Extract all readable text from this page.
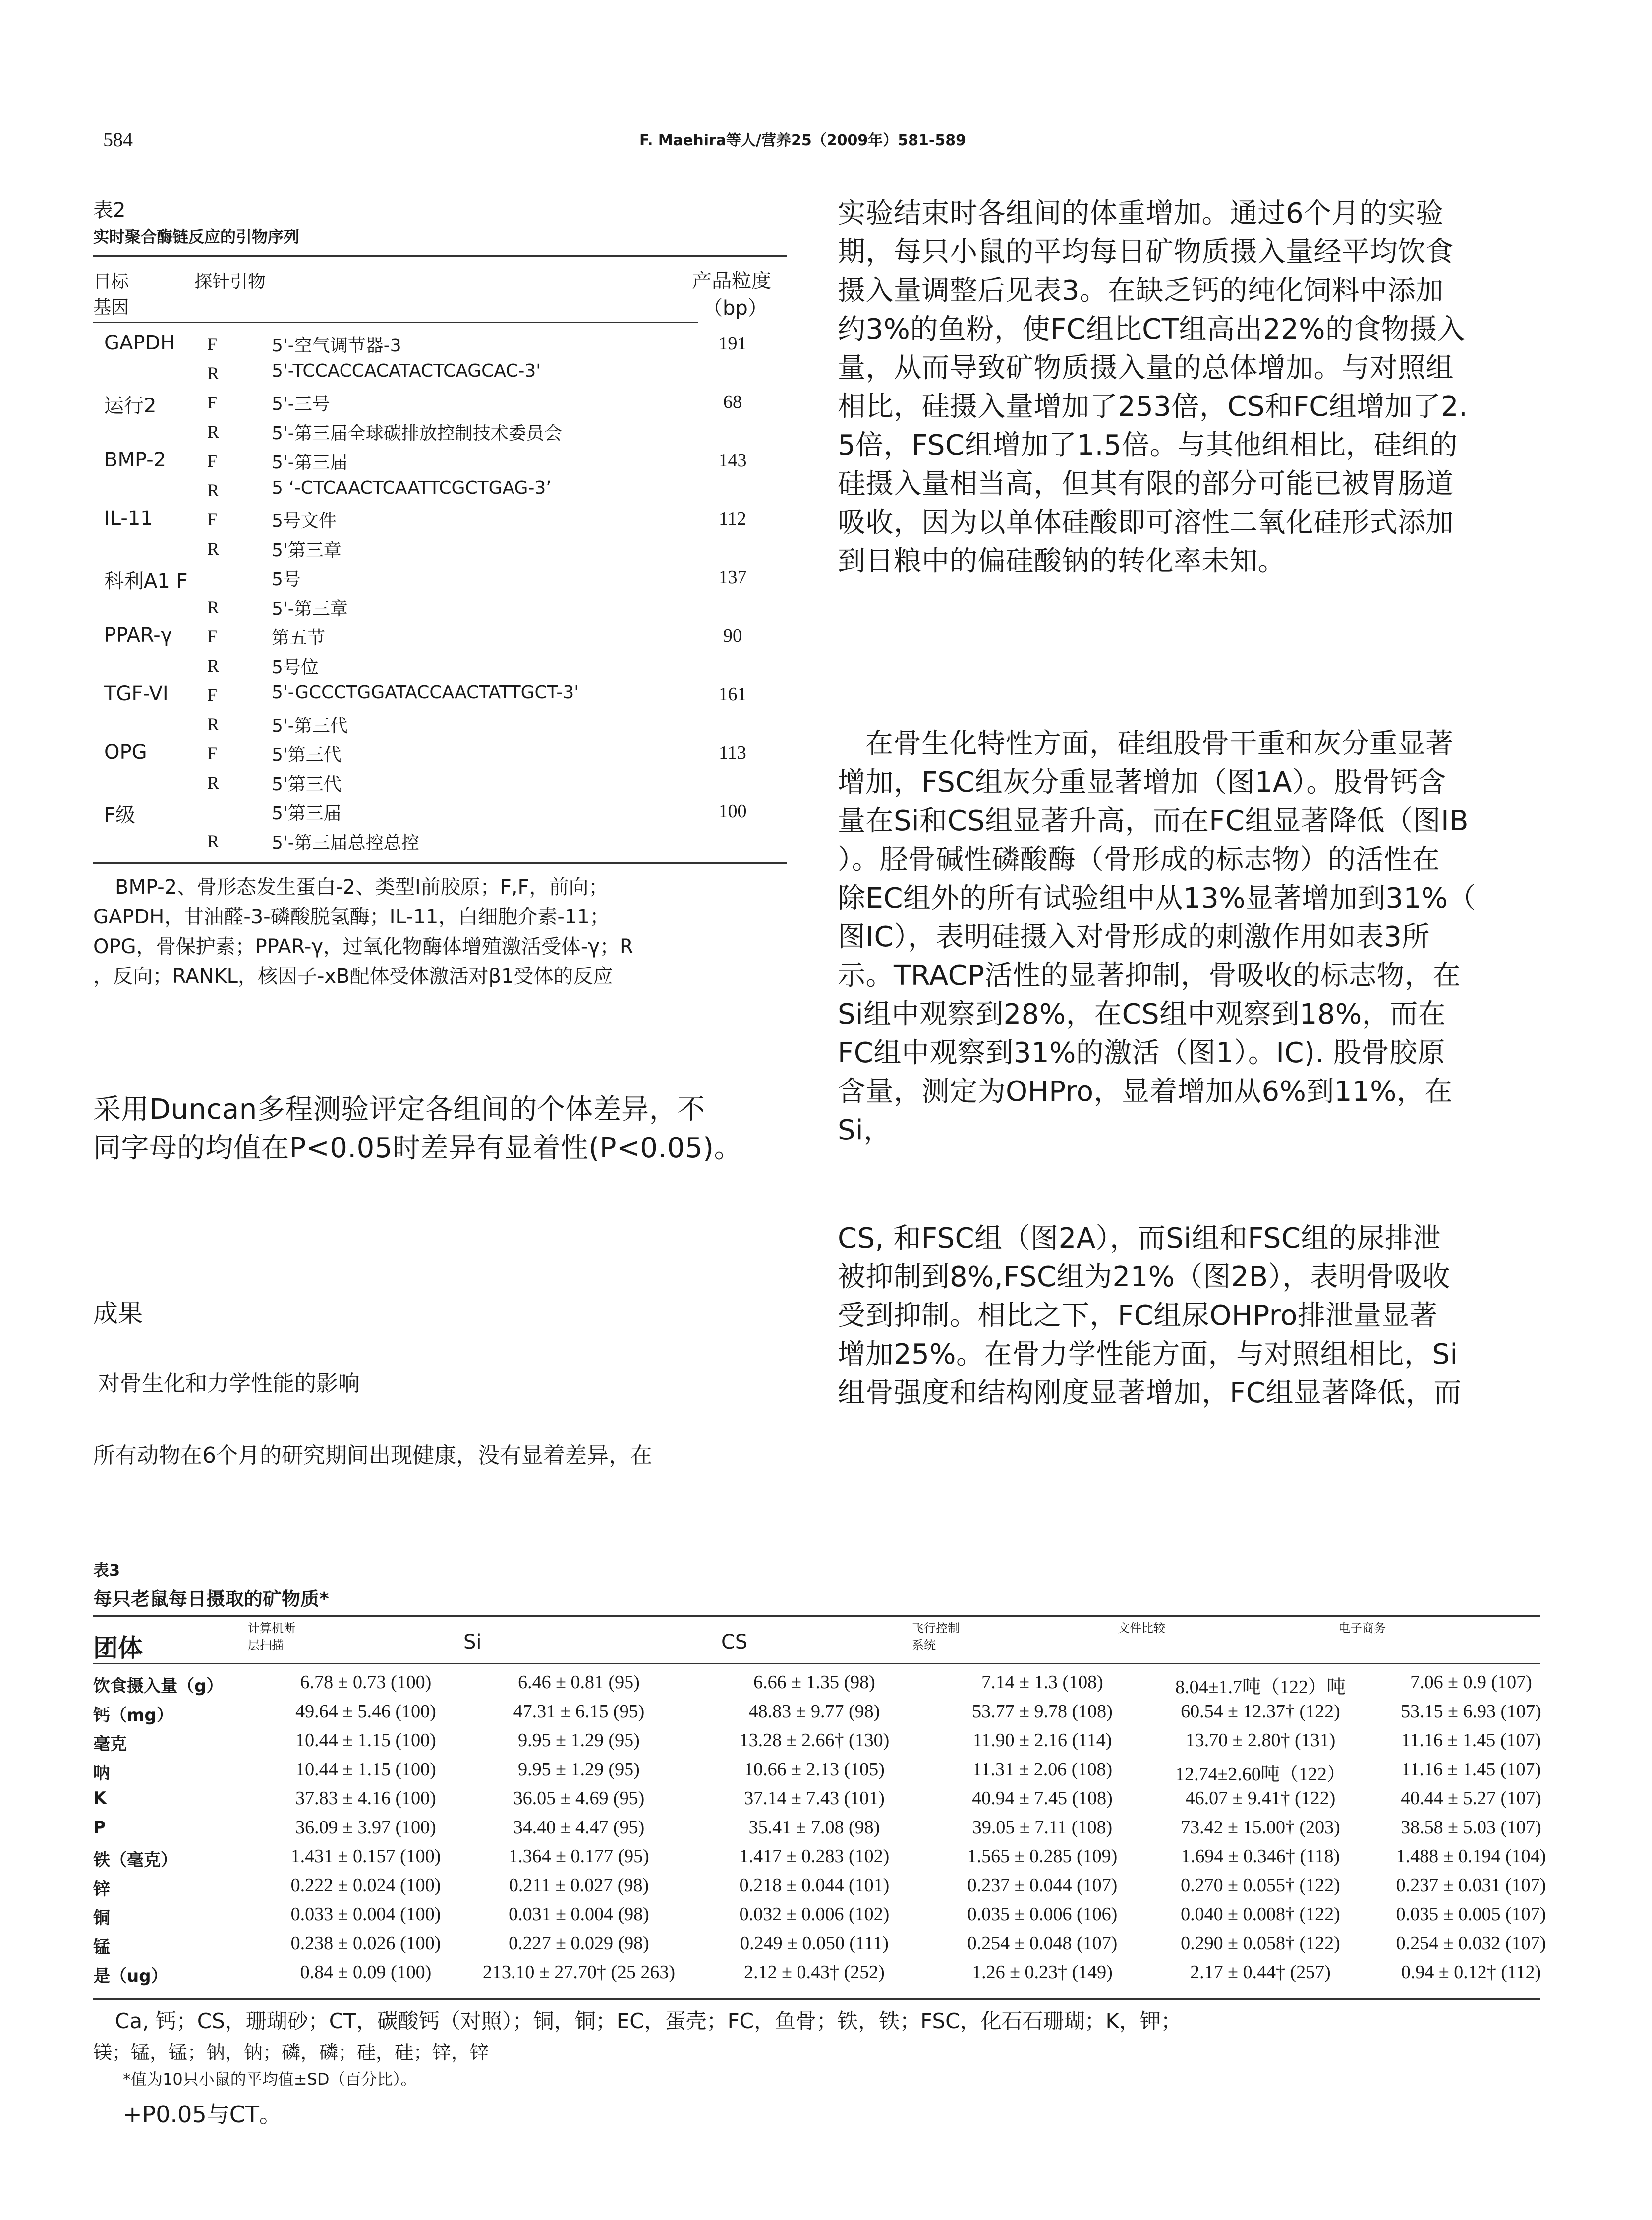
584	F. Maehira等人/营养25（2009年）581-589
表2
实时聚合酶链反应的引物序列
目标
基因
探针引物	产品粒度
（bp）
GAPDH F	5'-空气调节器-3	191
R	5'-TCCACCACATACTCAGCAC-3'
运行2	F	5'-三号	68
R	5'-第三届全球碳排放控制技术委员会
BMP-2 F	5'-第三届	143
R	5 ‘-CTCAACTCAATTCGCTGAG-3’
IL-11	F	5号文件	112
R	5'第三章
科利A1 F	5号	137
R	5'-第三章
PPAR-γ F	第五节	90
R	5号位
TGF-VI F	5'-GCCCTGGATACCAACTATTGCT-3'	161
R	5'-第三代
OPG	F	5'第三代	113
R	5'第三代
F级	5'第三届	100
R	5'-第三届总控总控
BMP-2、骨形态发生蛋白-2、类型I前胶原；F,F，前向；
GAPDH，甘油醛-3-磷酸脱氢酶；IL-11，白细胞介素-11；
OPG，骨保护素；PPAR-γ，过氧化物酶体增殖激活受体-γ；R
，反向；RANKL，核因子-xB配体受体激活对β1受体的反应
采用Duncan多程测验评定各组间的个体差异，不
同字母的均值在P<0.05时差异有显着性(P<0.05)。
成果
对骨生化和力学性能的影响
所有动物在6个月的研究期间出现健康，没有显着差异，在
实验结束时各组间的体重增加。通过6个月的实验
期，每只小鼠的平均每日矿物质摄入量经平均饮食
摄入量调整后见表3。在缺乏钙的纯化饲料中添加
约3%的鱼粉，使FC组比CT组高出22%的食物摄入
量，从而导致矿物质摄入量的总体增加。与对照组
相比，硅摄入量增加了253倍，CS和FC组增加了2.
5倍，FSC组增加了1.5倍。与其他组相比，硅组的
硅摄入量相当高，但其有限的部分可能已被胃肠道
吸收，因为以单体硅酸即可溶性二氧化硅形式添加
到日粮中的偏硅酸钠的转化率未知。
在骨生化特性方面，硅组股骨干重和灰分重显著
增加，FSC组灰分重显著增加（图1A）。股骨钙含
量在Si和CS组显著升高，而在FC组显著降低（图IB
）。胫骨碱性磷酸酶（骨形成的标志物）的活性在
除EC组外的所有试验组中从13%显著增加到31%（
图IC），表明硅摄入对骨形成的刺激作用如表3所
示。TRACP活性的显著抑制，骨吸收的标志物，在
Si组中观察到28%，在CS组中观察到18%，而在
FC组中观察到31%的激活（图1）。IC). 股骨胶原
含量，测定为OHPro，显着增加从6%到11%，在
Si，
CS, 和FSC组（图2A），而Si组和FSC组的尿排泄
被抑制到8%,FSC组为21%（图2B），表明骨吸收
受到抑制。相比之下，FC组尿OHPro排泄量显著
增加25%。在骨力学性能方面，与对照组相比，Si
组骨强度和结构刚度显著增加，FC组显著降低，而
表3
每只老鼠每日摄取的矿物质*
团体
计算机断
层扫描	Si	CS
飞行控制
系统
文件比较	电子商务
饮食摄入量（g）	6.78 ± 0.73 (100)	6.46 ± 0.81 (95)	6.66 ± 1.35 (98)	7.14 ± 1.3 (108)	8.04±1.7吨（122）吨	7.06 ± 0.9 (107)
钙（mg）	49.64 ± 5.46 (100)	47.31 ± 6.15 (95)	48.83 ± 9.77 (98)	53.77 ± 9.78 (108)	60.54 ± 12.37† (122)	53.15 ± 6.93 (107)
毫克	10.44 ± 1.15 (100)	9.95 ± 1.29 (95)	13.28 ± 2.66† (130)	11.90 ± 2.16 (114)	13.70 ± 2.80† (131)	11.16 ± 1.45 (107)
呐	10.44 ± 1.15 (100)	9.95 ± 1.29 (95)	10.66 ± 2.13 (105)	11.31 ± 2.06 (108)	12.74±2.60吨（122）	11.16 ± 1.45 (107)
K	37.83 ± 4.16 (100)	36.05 ± 4.69 (95)	37.14 ± 7.43 (101)	40.94 ± 7.45 (108)	46.07 ± 9.41† (122)	40.44 ± 5.27 (107)
P	36.09 ± 3.97 (100)	34.40 ± 4.47 (95)	35.41 ± 7.08 (98)	39.05 ± 7.11 (108)	73.42 ± 15.00† (203)	38.58 ± 5.03 (107)
铁（毫克）	1.431 ± 0.157 (100)	1.364 ± 0.177 (95)	1.417 ± 0.283 (102)	1.565 ± 0.285 (109)	1.694 ± 0.346† (118)	1.488 ± 0.194 (104)
锌	0.222 ± 0.024 (100)	0.211 ± 0.027 (98)	0.218 ± 0.044 (101)	0.237 ± 0.044 (107)	0.270 ± 0.055† (122)	0.237 ± 0.031 (107)
铜	0.033 ± 0.004 (100)	0.031 ± 0.004 (98)	0.032 ± 0.006 (102)	0.035 ± 0.006 (106)	0.040 ± 0.008† (122)	0.035 ± 0.005 (107)
锰	0.238 ± 0.026 (100)	0.227 ± 0.029 (98)	0.249 ± 0.050 (111)	0.254 ± 0.048 (107)	0.290 ± 0.058† (122)	0.254 ± 0.032 (107)
是（ug）	0.84 ± 0.09 (100)	213.10 ± 27.70† (25 263)	2.12 ± 0.43† (252)	1.26 ± 0.23† (149)	2.17 ± 0.44† (257)	0.94 ± 0.12† (112)
Ca, 钙；CS，珊瑚砂；CT，碳酸钙（对照）；铜，铜；EC，蛋壳；FC，鱼骨；铁，铁；FSC，化石石珊瑚；K，钾；
镁；锰，锰；钠，钠；磷，磷；硅，硅；锌，锌
*值为10只小鼠的平均值±SD（百分比）。
+P0.05与CT。
